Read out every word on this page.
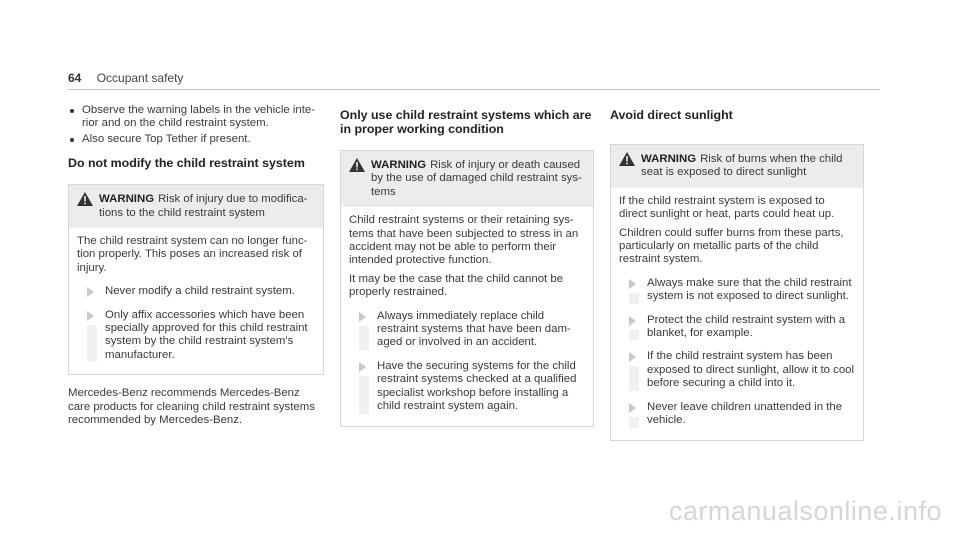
64 Occupant safety
Observe the warning labels in the vehicle inte-rior and on the child restraint system.
Also secure Top Tether if present.
Do not modify the child restraint system
WARNING Risk of injury due to modifica-tions to the child restraint system

The child restraint system can no longer func-tion properly. This poses an increased risk of injury.

Never modify a child restraint system.
Only affix accessories which have been specially approved for this child restraint system by the child restraint system's manufacturer.

Mercedes-Benz recommends Mercedes-Benz care products for cleaning child restraint systems recommended by Mercedes-Benz.

Only use child restraint systems which are in proper working condition
WARNING Risk of injury or death caused by the use of damaged child restraint sys-tems

Child restraint systems or their retaining sys-tems that have been subjected to stress in an accident may not be able to perform their intended protective function.

It may be the case that the child cannot be properly restrained.

Always immediately replace child restraint systems that have been dam-aged or involved in an accident.
Have the securing systems for the child restraint systems checked at a qualified specialist workshop before installing a child restraint system again.
Avoid direct sunlight
WARNING Risk of burns when the child seat is exposed to direct sunlight

If the child restraint system is exposed to direct sunlight or heat, parts could heat up.

Children could suffer burns from these parts, particularly on metallic parts of the child restraint system.

Always make sure that the child restraint system is not exposed to direct sunlight.
Protect the child restraint system with a blanket, for example.
If the child restraint system has been exposed to direct sunlight, allow it to cool before securing a child into it.
Never leave children unattended in the vehicle.
carmanualsonline.info
